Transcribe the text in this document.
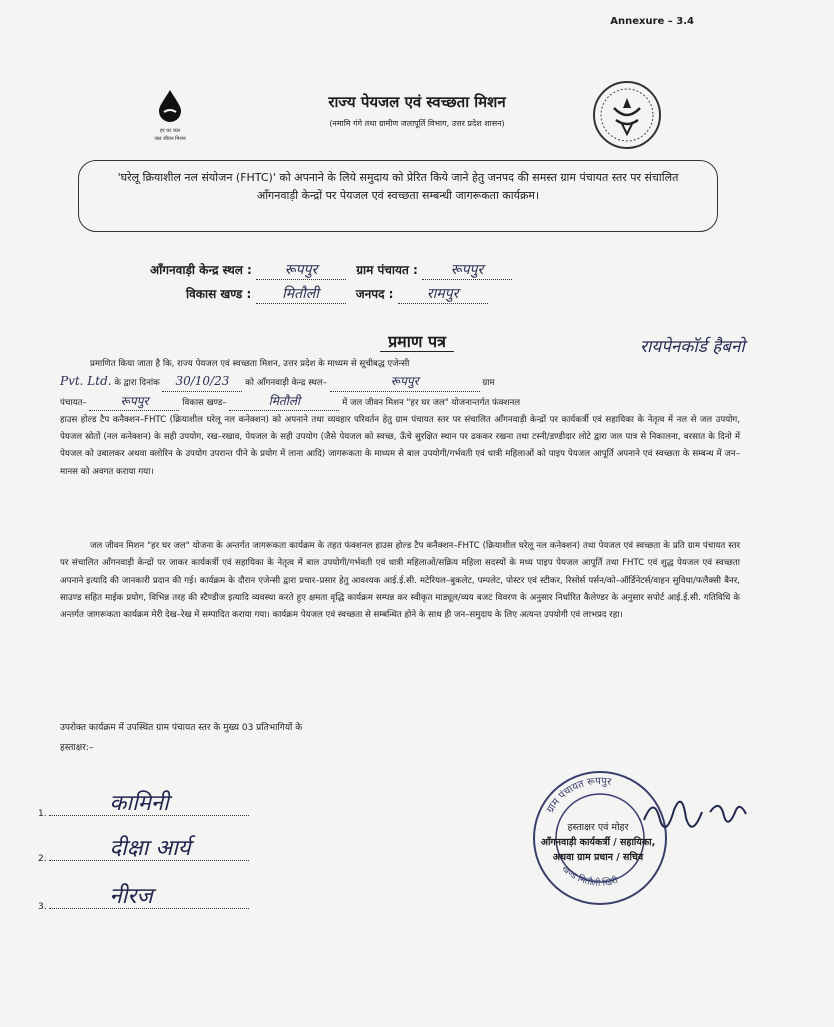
Annexure – 3.4
हर घर जल
जल जीवन मिशन
राज्य पेयजल एवं स्वच्छता मिशन
(नमामि गंगे तथा ग्रामीण जलापूर्ति विभाग, उत्तर प्रदेश शासन)
'घरेलू क्रियाशील नल संयोजन (FHTC)' को अपनाने के लिये समुदाय को प्रेरित किये जाने हेतु जनपद की समस्त ग्राम पंचायत स्तर पर संचालित आँगनवाड़ी केन्द्रों पर पेयजल एवं स्वच्छता सम्बन्धी जागरूकता कार्यक्रम।
आँगनवाड़ी केन्द्र स्थल : रूपपुर	ग्राम पंचायत : रूपपुर
विकास खण्ड : मितौली	जनपद : रामपुर
प्रमाण पत्र	रायपेनकॉर्ड हैबनो
प्रमाणित किया जाता है कि, राज्य पेयजल एवं स्वच्छता मिशन, उत्तर प्रदेश के माध्यम से सूचीबद्ध एजेन्सी
Pvt. Ltd. के द्वारा दिनांक 30/10/23 को आँगनवाड़ी केन्द्र स्थल–	रूपपुर	ग्राम
पंचायत–	रूपपुर	विकास खण्ड–	मितौली	में जल जीवन मिशन "हर घर जल" योजनान्तर्गत फंक्शनल
हाउस होल्ड टैप कनैक्शन–FHTC (क्रियाशील घरेलू नल कनेक्शन) को अपनाने तथा व्यवहार परिवर्तन हेतु ग्राम पंचायत स्तर पर संचालित आँगनवाड़ी केन्द्रों पर कार्यकर्त्री एवं सहायिका के नेतृत्व में नल से जल उपयोग, पेयजल स्रोतों (नल कनेक्शन) के सही उपयोग, रख–रखाव, पेयजल के सही उपयोग (जैसे पेयजल को स्वच्छ, ऊँचे सुरक्षित स्थान पर ढककर रखना तथा टस्नी/डण्डीदार लोटे द्वारा जल पात्र से निकालना, बरसात के दिनो में पेयजल को उबालकर अथवा क्लोरिन के उपयोग उपरान्त पीने के प्रयोग में लाना आदि) जागरूकता के माध्यम से बाल उपयोगी/गर्भवती एवं धात्री महिलाओं को पाइप पेयजल आपूर्ति अपनाने एवं स्वच्छता के सम्बन्ध में जन–मानस को अवगत कराया गया।

जल जीवन मिशन "हर घर जल" योजना के अन्तर्गत जागरूकता कार्यक्रम के तहत फंक्शनल हाउस होल्ड टैप कनैक्शन–FHTC (क्रियाशील घरेलू नल कनेक्शन) तथा पेयजल एवं स्वच्छता के प्रति ग्राम पंचायत स्तर पर संचालित आँगनवाड़ी केन्द्रों पर जाकर कार्यकर्त्री एवं सहायिका के नेतृत्व में बाल उपयोगी/गर्भवती एवं धात्री महिलाओं/सक्रिय महिला सदस्यों के मध्य पाइप पेयजल आपूर्ति तथा FHTC एवं शुद्ध पेयजल एवं स्वच्छता अपनाने इत्यादि की जानकारी प्रदान की गई। कार्यक्रम के दौरान एजेन्सी द्वारा प्रचार–प्रसार हेतु आवश्यक आई.ई.सी. मटेरियल–बुकलेट, पम्पलेट, पोस्टर एवं स्टीकर, रिसोर्स पर्सन/को–ऑर्डिनेटर्स/वाहन सुविधा/फलैक्सी बैनर, साउण्ड सहित माईक प्रयोग, विभिन्न तरह की स्टैण्डीज इत्यादि व्यवस्था करते हुए क्षमता वृद्धि कार्यक्रम सम्पन्न कर स्वीकृत माड्यूल/व्यय बजट विवरण के अनुसार निर्धारित कैलेण्डर के अनुसार सपोर्ट आई.ई.सी. गतिविधि के अन्तर्गत जागरूकता कार्यक्रम मेरी देख–रेख में सम्पादित कराया गया। कार्यक्रम पेयजल एवं स्वच्छता से सम्बन्धित होने के साथ ही जन–समुदाय के लिए अत्यन्त उपयोगी एवं लाभप्रद रहा।

उपरोक्त कार्यक्रम में उपस्थित ग्राम पंचायत स्तर के मुख्य 03 प्रतिभागियों के
हस्ताक्षर:–
1.	कामिनी
2.	दीक्षा आर्य
3.	नीरज
ग्राम पंचायत रूपपुर
खण्ड मितौली खिरी
हस्ताक्षर एवं मोहर
आँगनवाड़ी कार्यकर्त्री / सहायिका,
अथवा ग्राम प्रधान / सचिव
